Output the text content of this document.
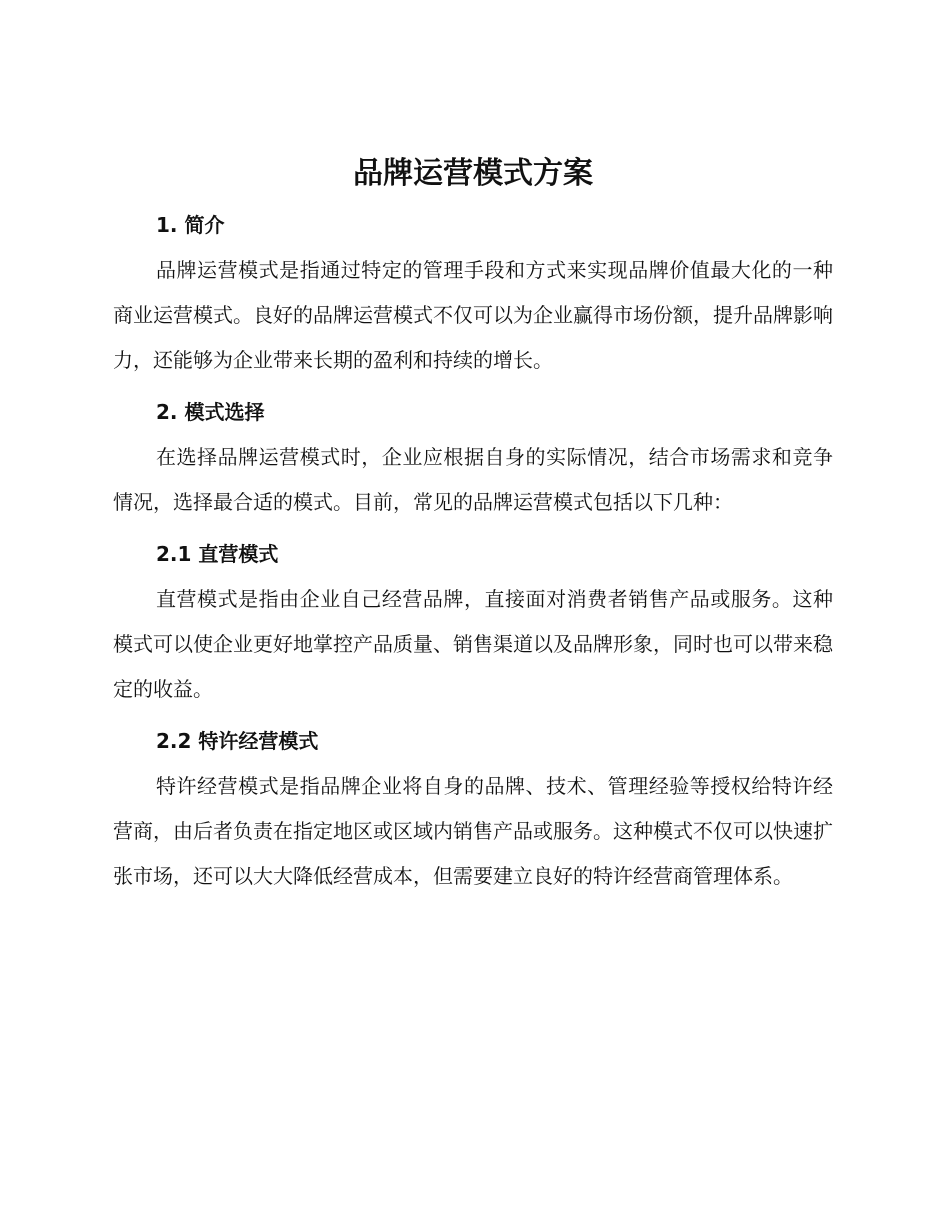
品牌运营模式方案
1. 简介

品牌运营模式是指通过特定的管理手段和方式来实现品牌价值最大化的一种商业运营模式。良好的品牌运营模式不仅可以为企业赢得市场份额，提升品牌影响力，还能够为企业带来长期的盈利和持续的增长。

2. 模式选择

在选择品牌运营模式时，企业应根据自身的实际情况，结合市场需求和竞争情况，选择最合适的模式。目前，常见的品牌运营模式包括以下几种：

2.1 直营模式

直营模式是指由企业自己经营品牌，直接面对消费者销售产品或服务。这种模式可以使企业更好地掌控产品质量、销售渠道以及品牌形象，同时也可以带来稳定的收益。

2.2 特许经营模式

特许经营模式是指品牌企业将自身的品牌、技术、管理经验等授权给特许经营商，由后者负责在指定地区或区域内销售产品或服务。这种模式不仅可以快速扩张市场，还可以大大降低经营成本，但需要建立良好的特许经营商管理体系。
